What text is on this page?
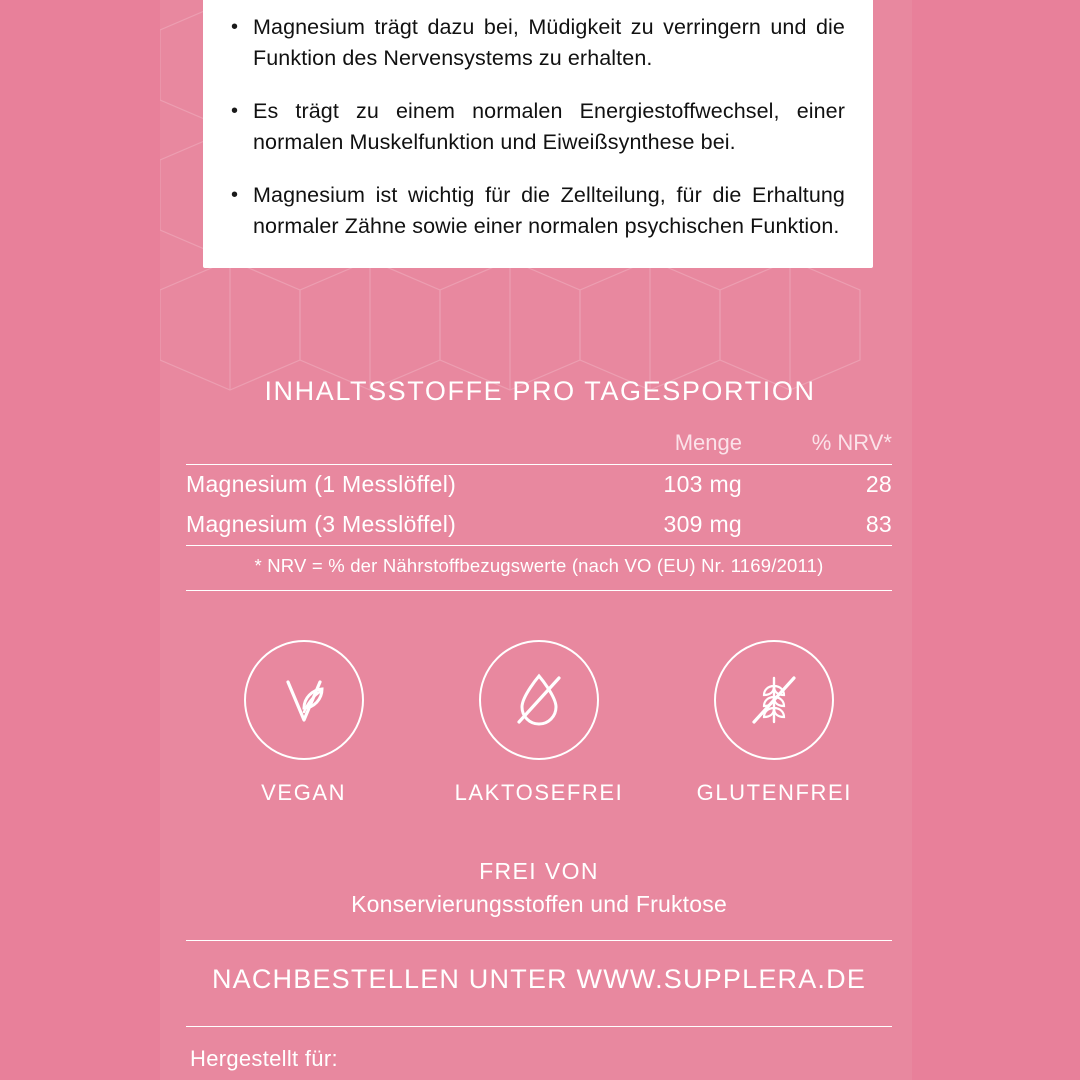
• Magnesium trägt dazu bei, Müdigkeit zu verringern und die Funktion des Nervensystems zu erhalten.
• Es trägt zu einem normalen Energiestoffwechsel, einer normalen Muskelfunktion und Eiweißsynthese bei.
• Magnesium ist wichtig für die Zellteilung, für die Erhaltung normaler Zähne sowie einer normalen psychischen Funktion.
INHALTSSTOFFE PRO TAGESPORTION
	Menge	% NRV*
Magnesium (1 Messlöffel)	103 mg	28
Magnesium (3 Messlöffel)	309 mg	83
* NRV = % der Nährstoffbezugswerte (nach VO (EU) Nr. 1169/2011)
VEGAN	LAKTOSEFREI	GLUTENFREI
FREI VON
Konservierungsstoffen und Fruktose
NACHBESTELLEN UNTER WWW.SUPPLERA.DE
Hergestellt für:
